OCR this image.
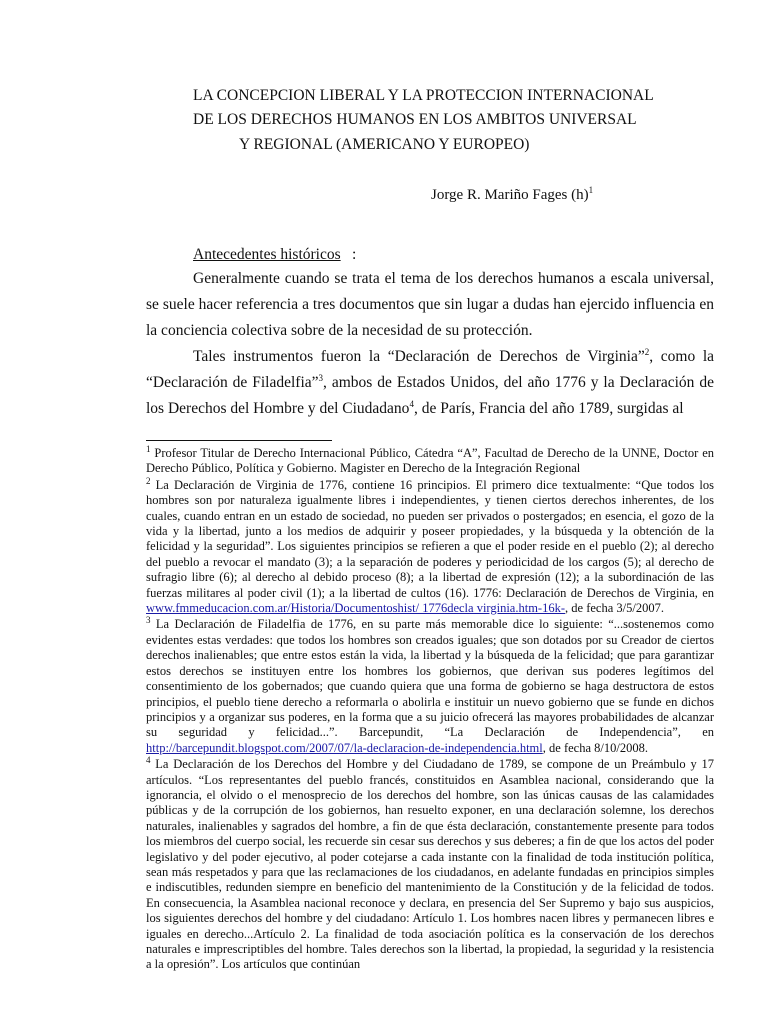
LA CONCEPCION LIBERAL Y LA PROTECCION INTERNACIONAL
DE LOS DERECHOS HUMANOS EN LOS AMBITOS UNIVERSAL
Y REGIONAL (AMERICANO Y EUROPEO)
Jorge R. Mariño Fages $(h)^1$
Antecedentes históricos :

Generalmente cuando se trata el tema de los derechos humanos a escala universal, se suele hacer referencia a tres documentos que sin lugar a dudas han ejercido influencia en la conciencia colectiva sobre de la necesidad de su protección.

Tales instrumentos fueron la “Declaración de Derechos de Virginia”$^2$, como la “Declaración de Filadelfia”$^3$, ambos de Estados Unidos, del año 1776 y la Declaración de los Derechos del Hombre y del Ciudadano$^4$, de París, Francia del año 1789, surgidas al

$^1$ Profesor Titular de Derecho Internacional Público, Cátedra “A”, Facultad de Derecho de la UNNE, Doctor en Derecho Público, Política y Gobierno. Magister en Derecho de la Integración Regional

$^2$ La Declaración de Virginia de 1776, contiene 16 principios. El primero dice textualmente: “Que todos los hombres son por naturaleza igualmente libres i independientes, y tienen ciertos derechos inherentes, de los cuales, cuando entran en un estado de sociedad, no pueden ser privados o postergados; en esencia, el gozo de la vida y la libertad, junto a los medios de adquirir y poseer propiedades, y la búsqueda y la obtención de la felicidad y la seguridad”. Los siguientes principios se refieren a que el poder reside en el pueblo (2); al derecho del pueblo a revocar el mandato (3); a la separación de poderes y periodicidad de los cargos (5); al derecho de sufragio libre (6); al derecho al debido proceso (8); a la libertad de expresión (12); a la subordinación de las fuerzas militares al poder civil (1); a la libertad de cultos (16). 1776: Declaración de Derechos de Virginia, en www.fmmeducacion.com.ar/Historia/Documentoshist/ 1776decla virginia.htm-16k-, de fecha 3/5/2007.

$^3$ La Declaración de Filadelfia de 1776, en su parte más memorable dice lo siguiente: “...sostenemos como evidentes estas verdades: que todos los hombres son creados iguales; que son dotados por su Creador de ciertos derechos inalienables; que entre estos están la vida, la libertad y la búsqueda de la felicidad; que para garantizar estos derechos se instituyen entre los hombres los gobiernos, que derivan sus poderes legítimos del consentimiento de los gobernados; que cuando quiera que una forma de gobierno se haga destructora de estos principios, el pueblo tiene derecho a reformarla o abolirla e instituir un nuevo gobierno que se funde en dichos principios y a organizar sus poderes, en la forma que a su juicio ofrecerá las mayores probabilidades de alcanzar su seguridad y felicidad...”. Barcepundit, “La Declaración de Independencia”, en http://barcepundit.blogspot.com/2007/07/la-declaracion-de-independencia.html, de fecha 8/10/2008.

$^4$ La Declaración de los Derechos del Hombre y del Ciudadano de 1789, se compone de un Preámbulo y 17 artículos. “Los representantes del pueblo francés, constituidos en Asamblea nacional, considerando que la ignorancia, el olvido o el menosprecio de los derechos del hombre, son las únicas causas de las calamidades públicas y de la corrupción de los gobiernos, han resuelto exponer, en una declaración solemne, los derechos naturales, inalienables y sagrados del hombre, a fin de que ésta declaración, constantemente presente para todos los miembros del cuerpo social, les recuerde sin cesar sus derechos y sus deberes; a fin de que los actos del poder legislativo y del poder ejecutivo, al poder cotejarse a cada instante con la finalidad de toda institución política, sean más respetados y para que las reclamaciones de los ciudadanos, en adelante fundadas en principios simples e indiscutibles, redunden siempre en beneficio del mantenimiento de la Constitución y de la felicidad de todos. En consecuencia, la Asamblea nacional reconoce y declara, en presencia del Ser Supremo y bajo sus auspicios, los siguientes derechos del hombre y del ciudadano: Artículo 1. Los hombres nacen libres y permanecen libres e iguales en derecho...Artículo 2. La finalidad de toda asociación política es la conservación de los derechos naturales e imprescriptibles del hombre. Tales derechos son la libertad, la propiedad, la seguridad y la resistencia a la opresión”. Los artículos que continúan
